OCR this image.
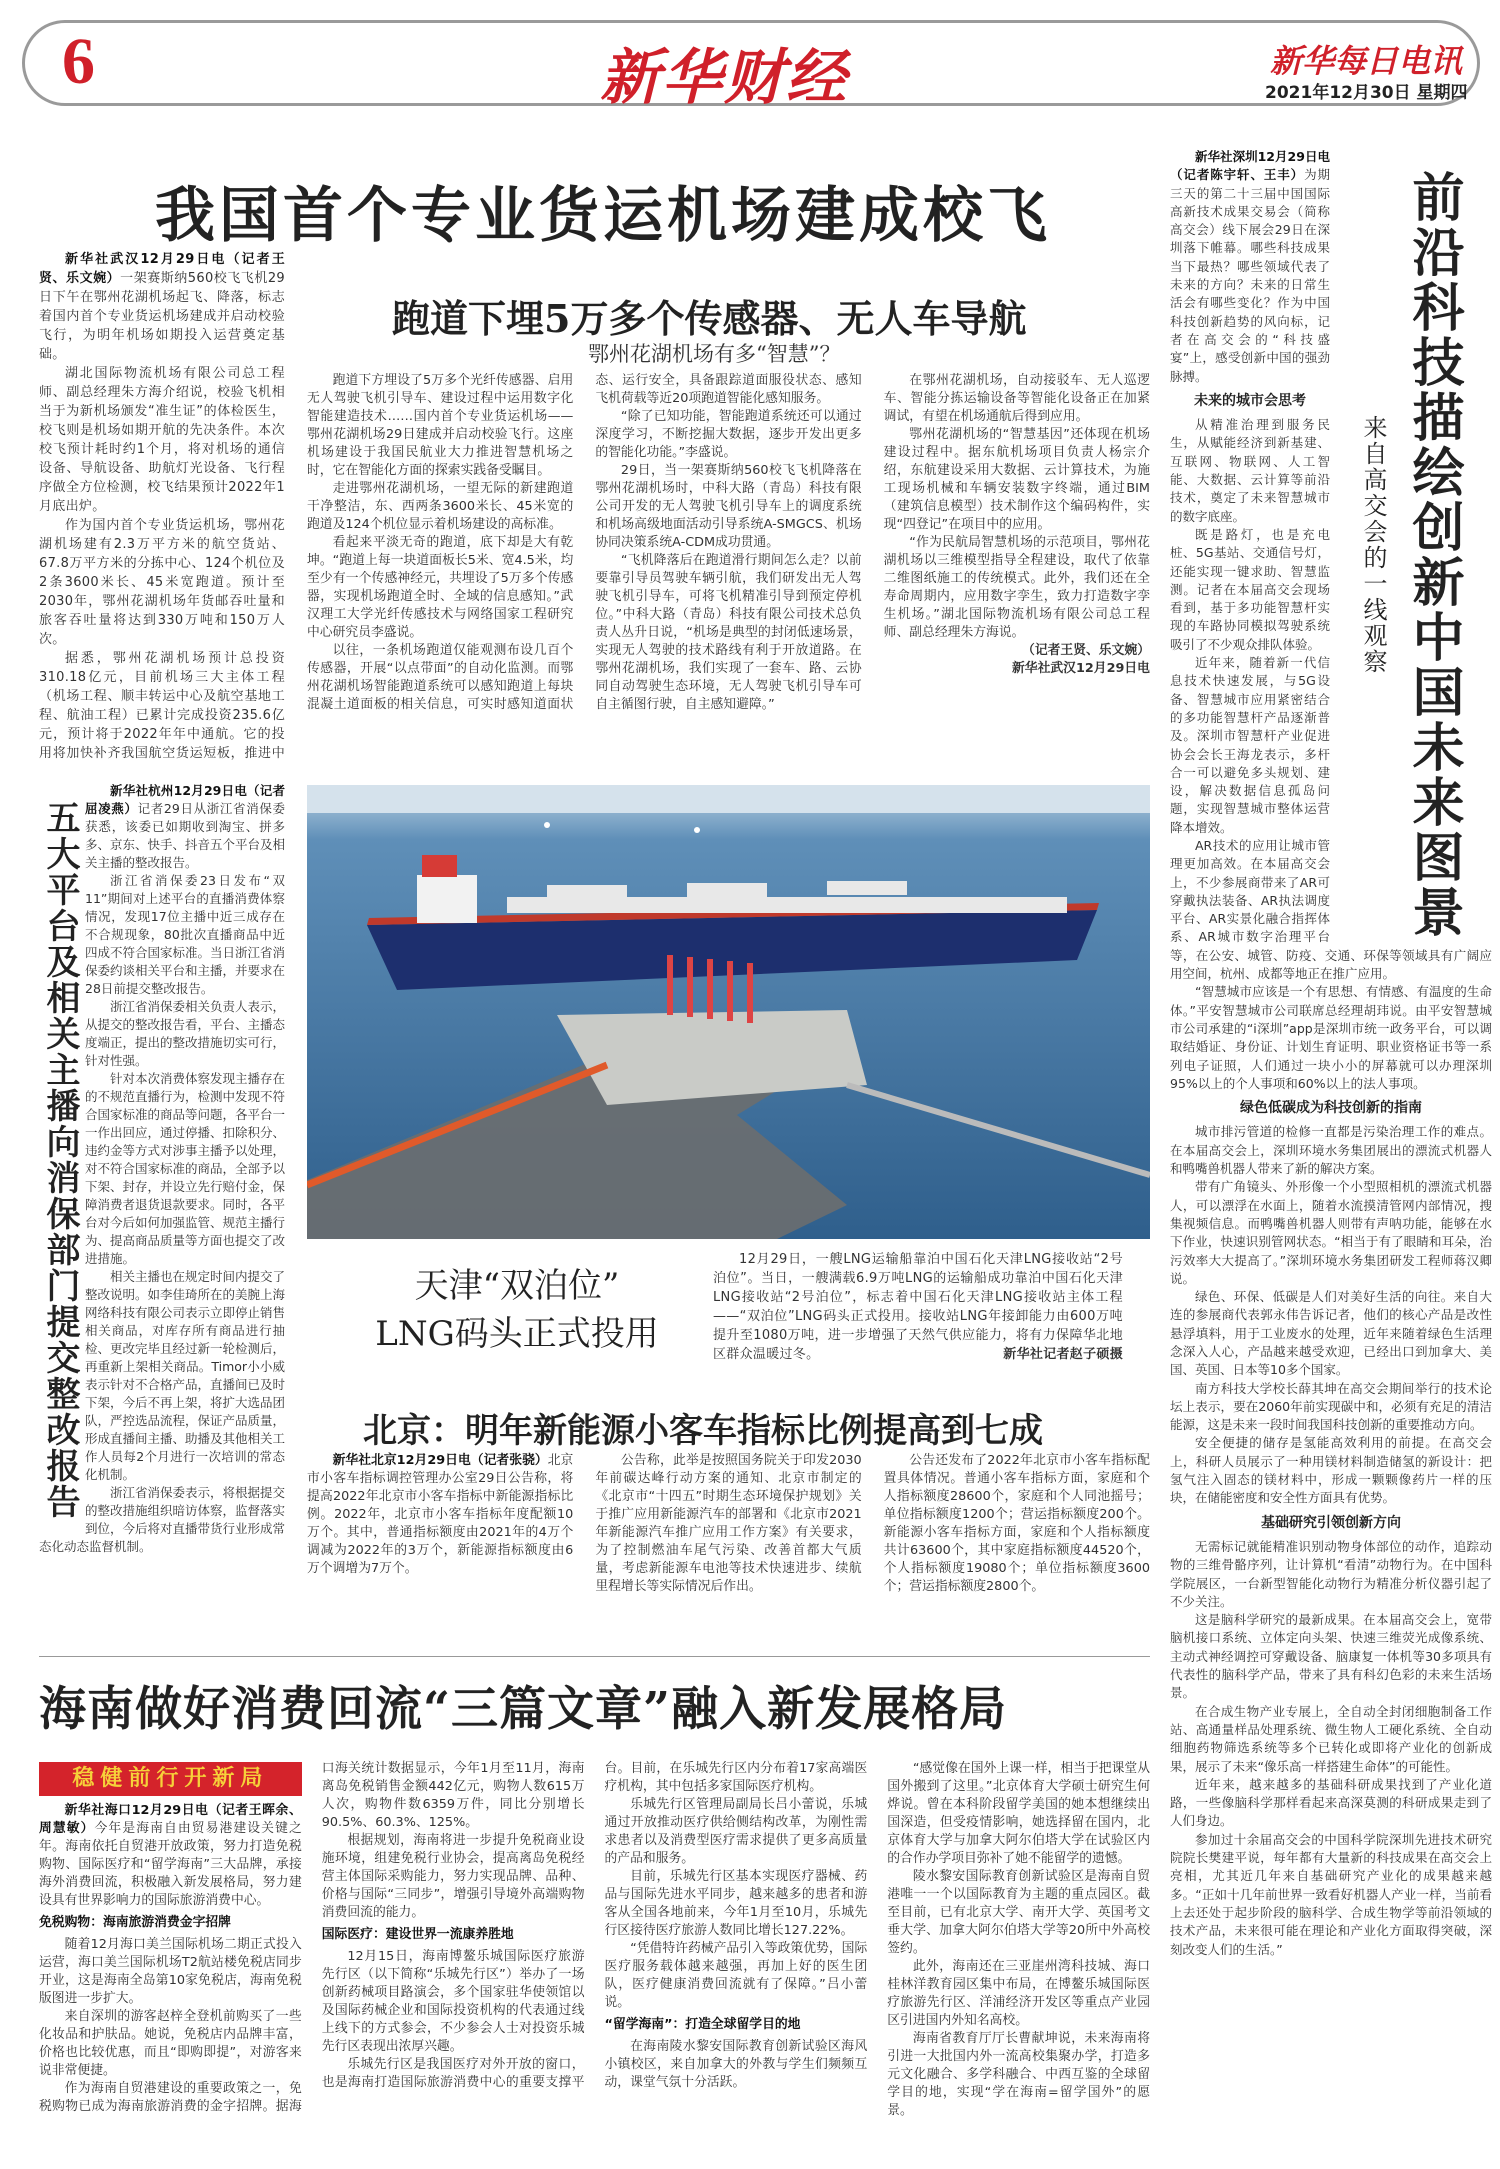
6	新华财经	新华每日电讯
2021年12月30日 星期四
我国首个专业货运机场建成校飞

新华社武汉12月29日电（记者王贤、乐文婉）一架赛斯纳560校飞飞机29日下午在鄂州花湖机场起飞、降落，标志着国内首个专业货运机场建成并启动校验飞行，为明年机场如期投入运营奠定基础。

湖北国际物流机场有限公司总工程师、副总经理朱方海介绍说，校验飞机相当于为新机场颁发“准生证”的体检医生，校飞则是机场如期开航的先决条件。本次校飞预计耗时约1个月，将对机场的通信设备、导航设备、助航灯光设备、飞行程序做全方位检测，校飞结果预计2022年1月底出炉。

作为国内首个专业货运机场，鄂州花湖机场建有2.3万平方米的航空货站、67.8万平方米的分拣中心、124个机位及2条3600米长、45米宽跑道。预计至2030年，鄂州花湖机场年货邮吞吐量和旅客吞吐量将达到330万吨和150万人次。

据悉，鄂州花湖机场预计总投资310.18亿元，目前机场三大主体工程（机场工程、顺丰转运中心及航空基地工程、航油工程）已累计完成投资235.6亿元，预计将于2022年年中通航。它的投用将加快补齐我国航空货运短板，推进中

跑道下埋5万多个传感器、无人车导航
鄂州花湖机场有多“智慧”？

跑道下方埋设了5万多个光纤传感器、启用无人驾驶飞机引导车、建设过程中运用数字化智能建造技术……国内首个专业货运机场——鄂州花湖机场29日建成并启动校验飞行。这座机场建设于我国民航业大力推进智慧机场之时，它在智能化方面的探索实践备受瞩目。

走进鄂州花湖机场，一望无际的新建跑道干净整洁，东、西两条3600米长、45米宽的跑道及124个机位显示着机场建设的高标准。

看起来平淡无奇的跑道，底下却是大有乾坤。“跑道上每一块道面板长5米、宽4.5米，均至少有一个传感神经元，共埋设了5万多个传感器，实现机场跑道全时、全域的信息感知。”武汉理工大学光纤传感技术与网络国家工程研究中心研究员李盛说。

以往，一条机场跑道仅能观测布设几百个传感器，开展“以点带面”的自动化监测。而鄂州花湖机场智能跑道系统可以感知跑道上每块混凝土道面板的相关信息，可实时感知道面状态、运行安全，具备跟踪道面服役状态、感知飞机荷载等近20项跑道智能化感知服务。

“除了已知功能，智能跑道系统还可以通过深度学习，不断挖掘大数据，逐步开发出更多的智能化功能。”李盛说。

29日，当一架赛斯纳560校飞飞机降落在鄂州花湖机场时，中科大路（青岛）科技有限公司开发的无人驾驶飞机引导车上的调度系统和机场高级地面活动引导系统A-SMGCS、机场协同决策系统A-CDM成功贯通。

“飞机降落后在跑道滑行期间怎么走？以前要靠引导员驾驶车辆引航，我们研发出无人驾驶飞机引导车，可将飞机精准引导到预定停机位。”中科大路（青岛）科技有限公司技术总负责人丛升日说，“机场是典型的封闭低速场景，实现无人驾驶的技术路线有利于开放道路。在鄂州花湖机场，我们实现了一套车、路、云协同自动驾驶生态环境，无人驾驶飞机引导车可自主循图行驶，自主感知避障。”

在鄂州花湖机场，自动接驳车、无人巡逻车、智能分拣运输设备等智能化设备正在加紧调试，有望在机场通航后得到应用。

鄂州花湖机场的“智慧基因”还体现在机场建设过程中。据东航机场项目负责人杨宗介绍，东航建设采用大数据、云计算技术，为施工现场机械和车辆安装数字终端，通过BIM（建筑信息模型）技术制作这个编码构件，实现“四登记”在项目中的应用。

“作为民航局智慧机场的示范项目，鄂州花湖机场以三维模型指导全程建设，取代了依靠二维图纸施工的传统模式。此外，我们还在全寿命周期内，应用数字孪生，致力打造数字孪生机场。”湖北国际物流机场有限公司总工程师、副总经理朱方海说。

（记者王贤、乐文婉）

新华社武汉12月29日电

五大平台及相关主播向消保部门提交整改报告

新华社杭州12月29日电（记者屈凌燕）记者29日从浙江省消保委获悉，该委已如期收到淘宝、拼多多、京东、快手、抖音五个平台及相关主播的整改报告。

浙江省消保委23日发布“双11”期间对上述平台的直播消费体察情况，发现17位主播中近三成存在不合规现象，80批次直播商品中近四成不符合国家标准。当日浙江省消保委约谈相关平台和主播，并要求在28日前提交整改报告。

浙江省消保委相关负责人表示，从提交的整改报告看，平台、主播态度端正，提出的整改措施切实可行，针对性强。

针对本次消费体察发现主播存在的不规范直播行为，检测中发现不符合国家标准的商品等问题，各平台一一作出回应，通过停播、扣除积分、违约金等方式对涉事主播予以处理，对不符合国家标准的商品，全部予以下架、封存，并设立先行赔付金，保障消费者退货退款要求。同时，各平台对今后如何加强监管、规范主播行为、提高商品质量等方面也提交了改进措施。

相关主播也在规定时间内提交了整改说明。如李佳琦所在的美腕上海网络科技有限公司表示立即停止销售相关商品，对库存所有商品进行抽检、更改完毕且经过新一轮检测后，再重新上架相关商品。Timor小小威表示针对不合格产品，直播间已及时下架，今后不再上架，将扩大选品团队，严控选品流程，保证产品质量，形成直播间主播、助播及其他相关工作人员每2个月进行一次培训的常态化机制。

浙江省消保委表示，将根据提交的整改措施组织暗访体察，监督落实到位，今后将对直播带货行业形成常态化动态监督机制。

天津“双泊位”
LNG码头正式投用

12月29日，一艘LNG运输船靠泊中国石化天津LNG接收站“2号泊位”。当日，一艘满载6.9万吨LNG的运输船成功靠泊中国石化天津LNG接收站“2号泊位”，标志着中国石化天津LNG接收站主体工程——“双泊位”LNG码头正式投用。接收站LNG年接卸能力由600万吨提升至1080万吨，进一步增强了天然气供应能力，将有力保障华北地区群众温暖过冬。	新华社记者赵子硕摄

北京：明年新能源小客车指标比例提高到七成

新华社北京12月29日电（记者张骁）北京市小客车指标调控管理办公室29日公告称，将提高2022年北京市小客车指标中新能源指标比例。2022年，北京市小客车指标年度配额10万个。其中，普通指标额度由2021年的4万个调减为2022年的3万个，新能源指标额度由6万个调增为7万个。

公告称，此举是按照国务院关于印发2030年前碳达峰行动方案的通知、北京市制定的《北京市“十四五”时期生态环境保护规划》关于推广应用新能源汽车的部署和《北京市2021年新能源汽车推广应用工作方案》有关要求，为了控制燃油车尾气污染、改善首都大气质量，考虑新能源车电池等技术快速进步、续航里程增长等实际情况后作出。

公告还发布了2022年北京市小客车指标配置具体情况。普通小客车指标方面，家庭和个人指标额度28600个，家庭和个人同池摇号；单位指标额度1200个；营运指标额度200个。新能源小客车指标方面，家庭和个人指标额度共计63600个，其中家庭指标额度44520个，个人指标额度19080个；单位指标额度3600个；营运指标额度2800个。

海南做好消费回流“三篇文章”融入新发展格局

稳健前行开新局

新华社海口12月29日电（记者王晖余、周慧敏）今年是海南自由贸易港建设关键之年。海南依托自贸港开放政策，努力打造免税购物、国际医疗和“留学海南”三大品牌，承接海外消费回流，积极融入新发展格局，努力建设具有世界影响力的国际旅游消费中心。

免税购物：海南旅游消费金字招牌

随着12月海口美兰国际机场二期正式投入运营，海口美兰国际机场T2航站楼免税店同步开业，这是海南全岛第10家免税店，海南免税版图进一步扩大。

来自深圳的游客赵梓全登机前购买了一些化妆品和护肤品。她说，免税店内品牌丰富，价格也比较优惠，而且“即购即提”，对游客来说非常便捷。

作为海南自贸港建设的重要政策之一，免税购物已成为海南旅游消费的金字招牌。据海口海关统计数据显示，今年1月至11月，海南离岛免税销售金额442亿元，购物人数615万人次，购物件数6359万件，同比分别增长90.5%、60.3%、125%。

根据规划，海南将进一步提升免税商业设施环境，组建免税行业协会，提高离岛免税经营主体国际采购能力，努力实现品牌、品种、价格与国际“三同步”，增强引导境外高端购物消费回流的能力。

国际医疗：建设世界一流康养胜地

12月15日，海南博鳌乐城国际医疗旅游先行区（以下简称“乐城先行区”）举办了一场创新药械项目路演会，多个国家驻华使领馆以及国际药械企业和国际投资机构的代表通过线上线下的方式参会，不少参会人士对投资乐城先行区表现出浓厚兴趣。

乐城先行区是我国医疗对外开放的窗口，也是海南打造国际旅游消费中心的重要支撑平台。目前，在乐城先行区内分布着17家高端医疗机构，其中包括多家国际医疗机构。

乐城先行区管理局副局长吕小蕾说，乐城通过开放推动医疗供给侧结构改革，为刚性需求患者以及消费型医疗需求提供了更多高质量的产品和服务。

目前，乐城先行区基本实现医疗器械、药品与国际先进水平同步，越来越多的患者和游客从全国各地前来，今年1月至10月，乐城先行区接待医疗旅游人数同比增长127.22%。

“凭借特许药械产品引入等政策优势，国际医疗服务载体越来越强，再加上好的医生团队，医疗健康消费回流就有了保障。”吕小蕾说。

“留学海南”：打造全球留学目的地

在海南陵水黎安国际教育创新试验区海风小镇校区，来自加拿大的外教与学生们频频互动，课堂气氛十分活跃。

“感觉像在国外上课一样，相当于把课堂从国外搬到了这里。”北京体育大学硕士研究生何烨说。曾在本科阶段留学美国的她本想继续出国深造，但受疫情影响，她选择留在国内，北京体育大学与加拿大阿尔伯塔大学在试验区内的合作办学项目弥补了她不能留学的遗憾。

陵水黎安国际教育创新试验区是海南自贸港唯一一个以国际教育为主题的重点园区。截至目前，已有北京大学、南开大学、英国考文垂大学、加拿大阿尔伯塔大学等20所中外高校签约。

此外，海南还在三亚崖州湾科技城、海口桂林洋教育园区集中布局，在博鳌乐城国际医疗旅游先行区、洋浦经济开发区等重点产业园区引进国内外知名高校。

海南省教育厅厅长曹献坤说，未来海南将引进一大批国内外一流高校集聚办学，打造多元文化融合、多学科融合、中西互鉴的全球留学目的地，实现“学在海南=留学国外”的愿景。

前沿科技描绘创新中国未来图景
来自高交会的一线观察

新华社深圳12月29日电（记者陈宇轩、王丰）为期三天的第二十三届中国国际高新技术成果交易会（简称高交会）线下展会29日在深圳落下帷幕。哪些科技成果当下最热？哪些领域代表了未来的方向？未来的日常生活会有哪些变化？作为中国科技创新趋势的风向标，记者在高交会的“科技盛宴”上，感受创新中国的强劲脉搏。

未来的城市会思考

从精准治理到服务民生，从赋能经济到新基建、互联网、物联网、人工智能、大数据、云计算等前沿技术，奠定了未来智慧城市的数字底座。

既是路灯，也是充电桩、5G基站、交通信号灯，还能实现一键求助、智慧监测。记者在本届高交会现场看到，基于多功能智慧杆实现的车路协同模拟驾驶系统吸引了不少观众排队体验。

近年来，随着新一代信息技术快速发展，与5G设备、智慧城市应用紧密结合的多功能智慧杆产品逐渐普及。深圳市智慧杆产业促进协会会长王海龙表示，多杆合一可以避免多头规划、建设，解决数据信息孤岛问题，实现智慧城市整体运营降本增效。

AR技术的应用让城市管理更加高效。在本届高交会上，不少参展商带来了AR可穿戴执法装备、AR执法调度平台、AR实景化融合指挥体系、AR城市数字治理平台等，在公安、城管、防疫、交通、环保等领域具有广阔应用空间，杭州、成都等地正在推广应用。

“智慧城市应该是一个有思想、有情感、有温度的生命体。”平安智慧城市公司联席总经理胡玮说。由平安智慧城市公司承建的“i深圳”app是深圳市统一政务平台，可以调取结婚证、身份证、计划生育证明、职业资格证书等一系列电子证照，人们通过一块小小的屏幕就可以办理深圳95%以上的个人事项和60%以上的法人事项。

绿色低碳成为科技创新的指南

城市排污管道的检修一直都是污染治理工作的难点。在本届高交会上，深圳环境水务集团展出的漂流式机器人和鸭嘴兽机器人带来了新的解决方案。

带有广角镜头、外形像一个小型照相机的漂流式机器人，可以漂浮在水面上，随着水流摸清管网内部情况，搜集视频信息。而鸭嘴兽机器人则带有声呐功能，能够在水下作业，快速识别管网状态。“相当于有了眼睛和耳朵，治污效率大大提高了。”深圳环境水务集团研发工程师蒋汉卿说。

绿色、环保、低碳是人们对美好生活的向往。来自大连的参展商代表郭永伟告诉记者，他们的核心产品是改性悬浮填料，用于工业废水的处理，近年来随着绿色生活理念深入人心，产品越来越受欢迎，已经出口到加拿大、美国、英国、日本等10多个国家。

南方科技大学校长薛其坤在高交会期间举行的技术论坛上表示，要在2060年前实现碳中和，必须有充足的清洁能源，这是未来一段时间我国科技创新的重要推动方向。

安全便捷的储存是氢能高效利用的前提。在高交会上，科研人员展示了一种用镁材料制造储氢的新设计：把氢气注入固态的镁材料中，形成一颗颗像药片一样的压块，在储能密度和安全性方面具有优势。

基础研究引领创新方向

无需标记就能精准识别动物身体部位的动作，追踪动物的三维骨骼序列，让计算机“看清”动物行为。在中国科学院展区，一台新型智能化动物行为精准分析仪器引起了不少关注。

这是脑科学研究的最新成果。在本届高交会上，宽带脑机接口系统、立体定向头架、快速三维荧光成像系统、主动式神经调控可穿戴设备、脑康复一体机等30多项具有代表性的脑科学产品，带来了具有科幻色彩的未来生活场景。

在合成生物产业专展上，全自动全封闭细胞制备工作站、高通量样品处理系统、微生物人工硬化系统、全自动细胞药物筛选系统等多个已转化或即将产业化的创新成果，展示了未来“像乐高一样搭建生命体”的可能性。

近年来，越来越多的基础科研成果找到了产业化道路，一些像脑科学那样看起来高深莫测的科研成果走到了人们身边。

参加过十余届高交会的中国科学院深圳先进技术研究院院长樊建平说，每年都有大量新的科技成果在高交会上亮相，尤其近几年来自基础研究产业化的成果越来越多。“正如十几年前世界一致看好机器人产业一样，当前看上去还处于起步阶段的脑科学、合成生物学等前沿领域的技术产品，未来很可能在理论和产业化方面取得突破，深刻改变人们的生活。”
